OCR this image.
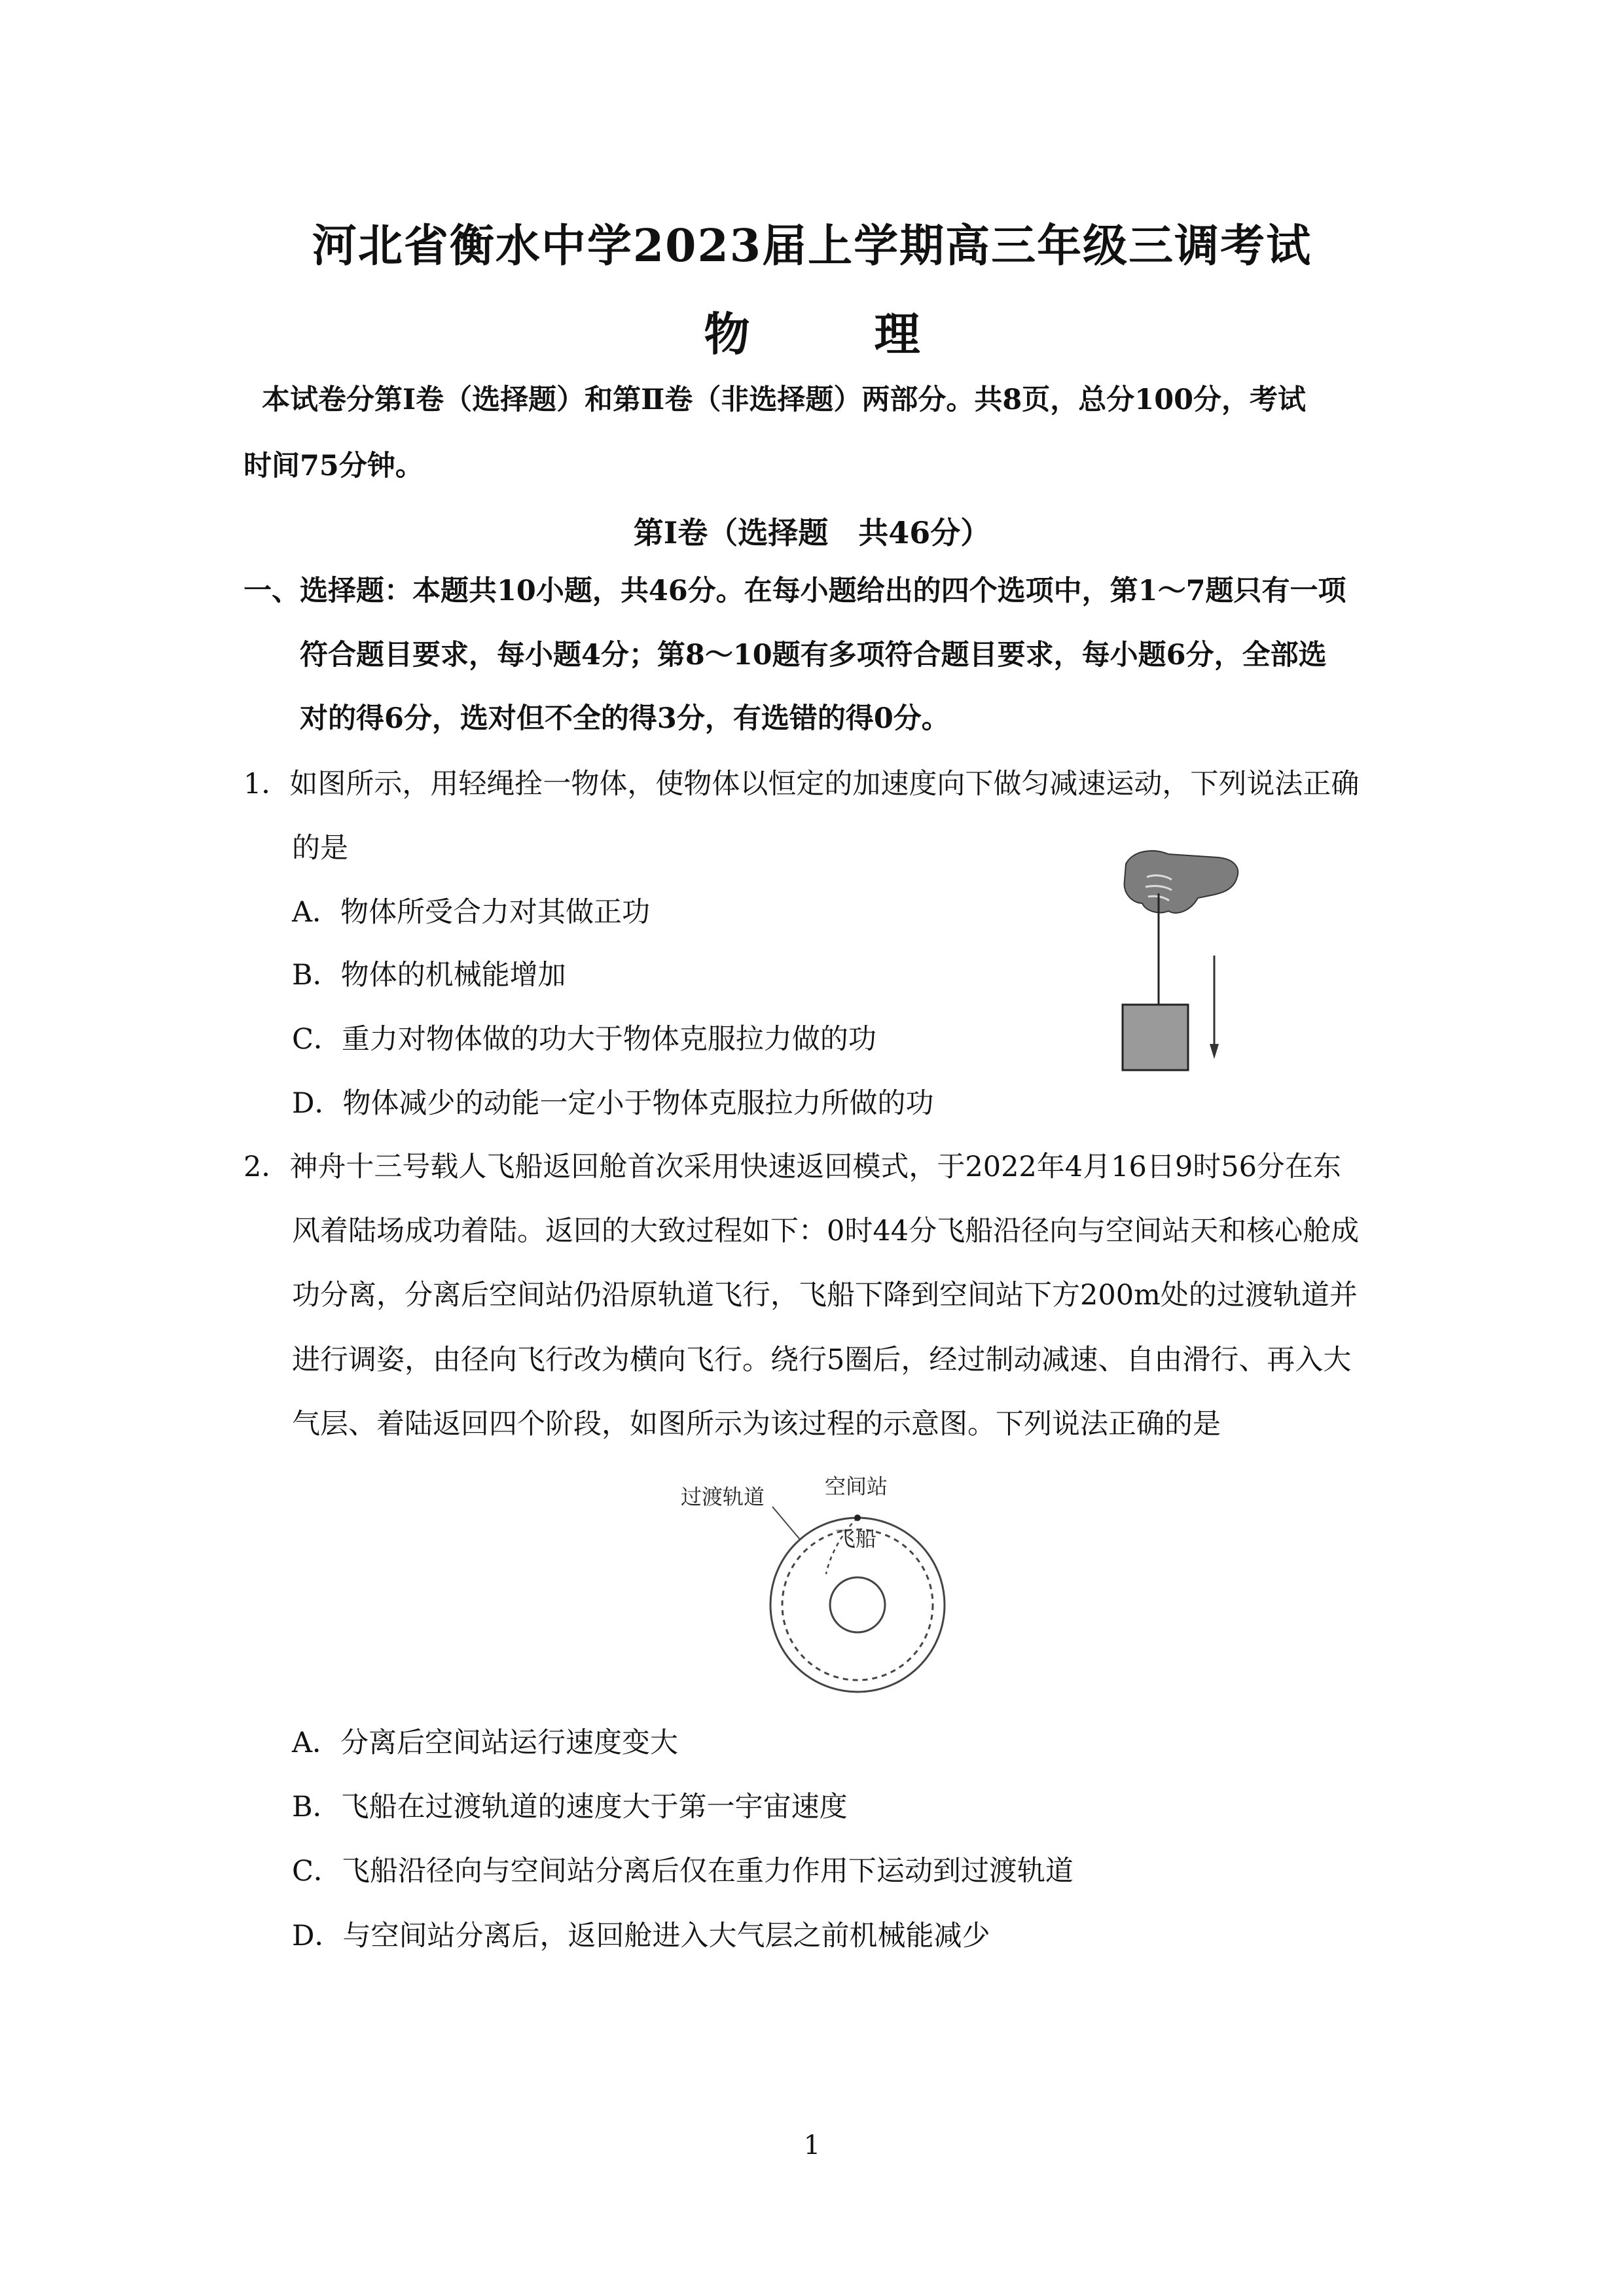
河北省衡水中学2023届上学期高三年级三调考试
物　理
本试卷分第Ⅰ卷（选择题）和第Ⅱ卷（非选择题）两部分。共8页，总分100分，考试
时间75分钟。
第Ⅰ卷（选择题　共46分）
一、选择题：本题共10小题，共46分。在每小题给出的四个选项中，第1～7题只有一项
符合题目要求，每小题4分；第8～10题有多项符合题目要求，每小题6分，全部选
对的得6分，选对但不全的得3分，有选错的得0分。
1．如图所示，用轻绳拴一物体，使物体以恒定的加速度向下做匀减速运动，下列说法正确
的是
A．物体所受合力对其做正功
B．物体的机械能增加
C．重力对物体做的功大于物体克服拉力做的功
D．物体减少的动能一定小于物体克服拉力所做的功
2．神舟十三号载人飞船返回舱首次采用快速返回模式，于2022年4月16日9时56分在东
风着陆场成功着陆。返回的大致过程如下：0时44分飞船沿径向与空间站天和核心舱成
功分离，分离后空间站仍沿原轨道飞行，飞船下降到空间站下方200m处的过渡轨道并
进行调姿，由径向飞行改为横向飞行。绕行5圈后，经过制动减速、自由滑行、再入大
气层、着陆返回四个阶段，如图所示为该过程的示意图。下列说法正确的是
过渡轨道	空间站
飞船
A．分离后空间站运行速度变大
B．飞船在过渡轨道的速度大于第一宇宙速度
C．飞船沿径向与空间站分离后仅在重力作用下运动到过渡轨道
D．与空间站分离后，返回舱进入大气层之前机械能减少
1
